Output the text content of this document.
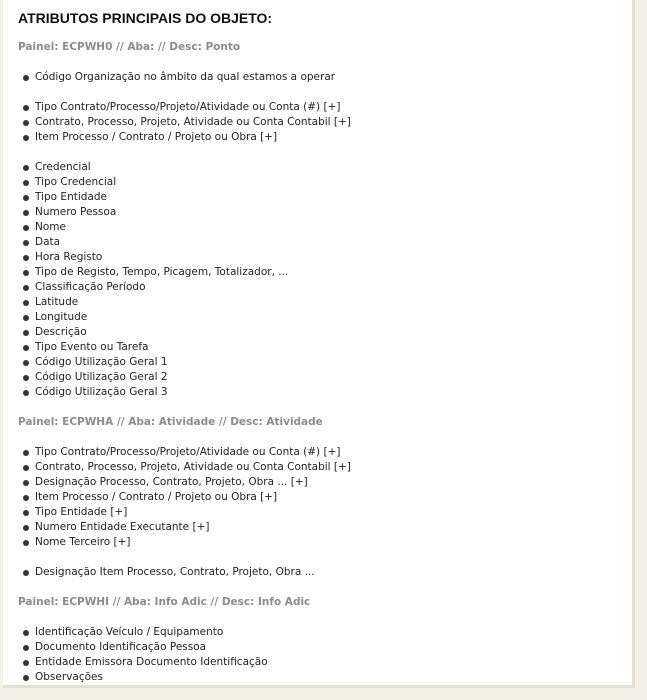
ATRIBUTOS PRINCIPAIS DO OBJETO:
Painel: ECPWH0 // Aba: // Desc: Ponto
Código Organização no âmbito da qual estamos a operar
Tipo Contrato/Processo/Projeto/Atividade ou Conta (#) [+]
Contrato, Processo, Projeto, Atividade ou Conta Contabil [+]
Item Processo / Contrato / Projeto ou Obra [+]
Credencial
Tipo Credencial
Tipo Entidade
Numero Pessoa
Nome
Data
Hora Registo
Tipo de Registo, Tempo, Picagem, Totalizador, ...
Classificação Período
Latitude
Longitude
Descrição
Tipo Evento ou Tarefa
Código Utilização Geral 1
Código Utilização Geral 2
Código Utilização Geral 3
Painel: ECPWHA // Aba: Atividade // Desc: Atividade
Tipo Contrato/Processo/Projeto/Atividade ou Conta (#) [+]
Contrato, Processo, Projeto, Atividade ou Conta Contabil [+]
Designação Processo, Contrato, Projeto, Obra ... [+]
Item Processo / Contrato / Projeto ou Obra [+]
Tipo Entidade [+]
Numero Entidade Executante [+]
Nome Terceiro [+]
Designação Item Processo, Contrato, Projeto, Obra ...
Painel: ECPWHI // Aba: Info Adic // Desc: Info Adic
Identificação Veículo / Equipamento
Documento Identificação Pessoa
Entidade Emissora Documento Identificação
Observações
